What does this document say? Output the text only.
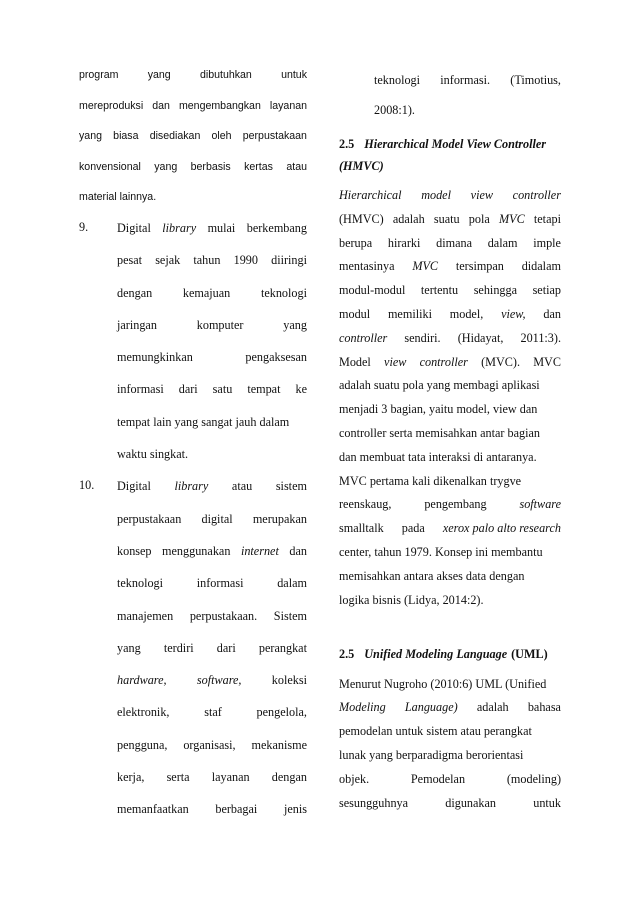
program	yang	dibutuhkan	untuk
mereproduksi dan mengembangkan layanan
yang biasa disediakan oleh perpustakaan
konvensional yang berbasis kertas atau
material lainnya.
9. Digital library mulai berkembang
pesat sejak tahun 1990 diiringi
dengan	kemajuan	teknologi
jaringan	komputer	yang
memungkinkan	pengaksesan
informasi dari satu tempat ke
tempat lain yang sangat jauh dalam
waktu singkat.
10. Digital library atau sistem
perpustakaan digital merupakan
konsep menggunakan internet dan
teknologi	informasi	dalam
manajemen perpustakaan. Sistem
yang terdiri dari perangkat
hardware, software, koleksi
elektronik,	staf	pengelola,
pengguna, organisasi, mekanisme
kerja, serta layanan dengan
memanfaatkan berbagai jenis
teknologi informasi. (Timotius,
2008:1).
2.5 Hierarchical Model View Controller
(HMVC)
Hierarchical model view controller
(HMVC) adalah suatu pola MVC tetapi
berupa hirarki dimana dalam imple
mentasinya MVC tersimpan didalam
modul-modul tertentu sehingga setiap
modul memiliki model, view, dan
controller sendiri. (Hidayat, 2011:3).
Model view controller (MVC). MVC
adalah suatu pola yang membagi aplikasi
menjadi 3 bagian, yaitu model, view dan
controller serta memisahkan antar bagian
dan membuat tata interaksi di antaranya.
MVC pertama kali dikenalkan trygve
reenskaug,	pengembang	software
smalltalk pada xerox palo alto research
center, tahun 1979. Konsep ini membantu
memisahkan antara akses data dengan
logika bisnis (Lidya, 2014:2).
2.5 Unified Modeling Language (UML)
Menurut Nugroho (2010:6) UML (Unified
Modeling Language) adalah bahasa
pemodelan untuk sistem atau perangkat
lunak yang berparadigma berorientasi
objek.	Pemodelan	(modeling)
sesungguhnya	digunakan	untuk
